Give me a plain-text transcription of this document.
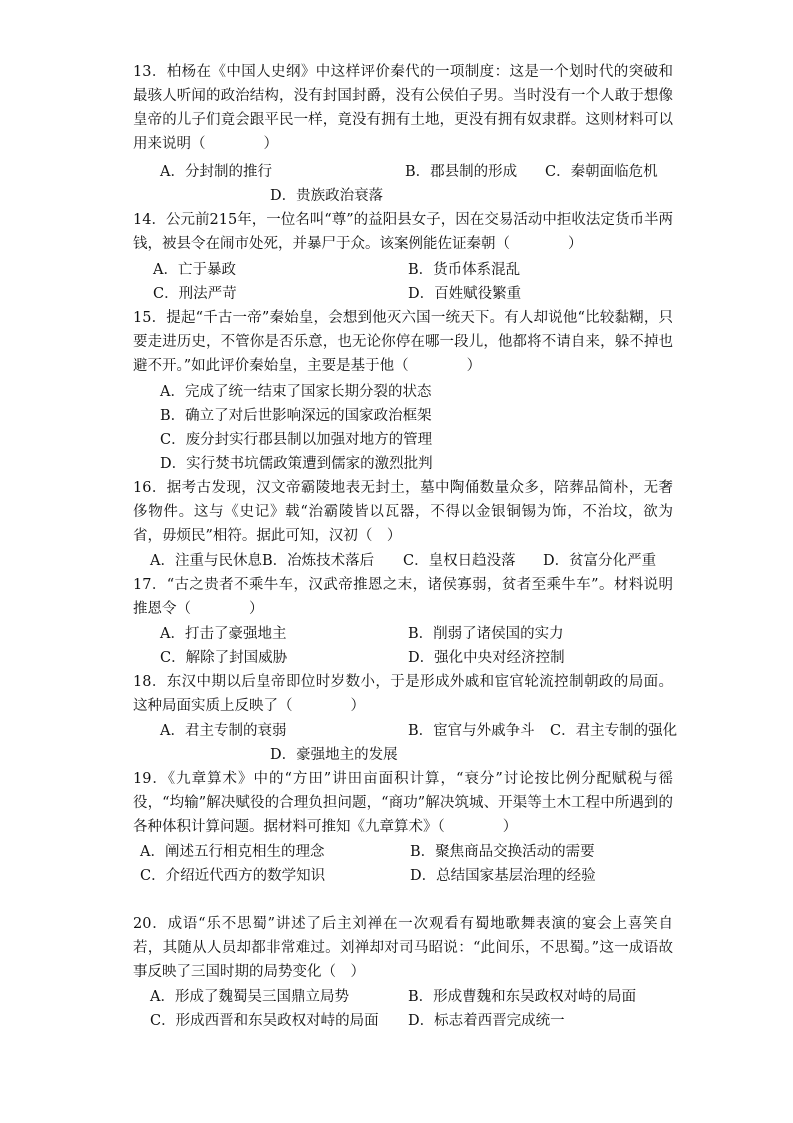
13．柏杨在《中国人史纲》中这样评价秦代的一项制度：这是一个划时代的突破和最骇人听闻的政治结构，没有封国封爵，没有公侯伯子男。当时没有一个人敢于想像皇帝的儿子们竟会跟平民一样，竟没有拥有土地，更没有拥有奴隶群。这则材料可以用来说明（　　　　）

A．分封制的推行	B．郡县制的形成 C．秦朝面临危机
D．贵族政治衰落

14．公元前215年，一位名叫“尊”的益阳县女子，因在交易活动中拒收法定货币半两钱，被县令在闹市处死，并暴尸于众。该案例能佐证秦朝（　　　　）

A．亡于暴政	B．货币体系混乱
C．刑法严苛	D．百姓赋役繁重

15．提起“千古一帝”秦始皇，会想到他灭六国一统天下。有人却说他“比较黏糊，只要走进历史，不管你是否乐意，也无论你停在哪一段儿，他都将不请自来，躲不掉也避不开。”如此评价秦始皇，主要是基于他（　　　　）

A．完成了统一结束了国家长期分裂的状态
B．确立了对后世影响深远的国家政治框架
C．废分封实行郡县制以加强对地方的管理
D．实行焚书坑儒政策遭到儒家的激烈批判

16．据考古发现，汉文帝霸陵地表无封土，墓中陶俑数量众多，陪葬品简朴，无奢侈物件。这与《史记》载“治霸陵皆以瓦器，不得以金银铜锡为饰，不治坟，欲为省，毋烦民”相符。据此可知，汉初（　）

A．注重与民休息 B．冶炼技术落后 C．皇权日趋没落 D．贫富分化严重

17．“古之贵者不乘牛车，汉武帝推恩之末，诸侯寡弱，贫者至乘牛车”。材料说明推恩令（　　　　）

A．打击了豪强地主	B．削弱了诸侯国的实力
C．解除了封国威胁	D．强化中央对经济控制

18．东汉中期以后皇帝即位时岁数小，于是形成外戚和宦官轮流控制朝政的局面。这种局面实质上反映了（　　　　）

A．君主专制的衰弱	B．宦官与外戚争斗 C．君主专制的强化
D．豪强地主的发展

19．《九章算术》中的“方田”讲田亩面积计算，“衰分”讨论按比例分配赋税与徭役，“均输”解决赋役的合理负担问题，“商功”解决筑城、开渠等土木工程中所遇到的各种体积计算问题。据材料可推知《九章算术》（　　　　）

A．阐述五行相克相生的理念	B．聚焦商品交换活动的需要
C．介绍近代西方的数学知识	D．总结国家基层治理的经验

20．成语“乐不思蜀”讲述了后主刘禅在一次观看有蜀地歌舞表演的宴会上喜笑自若，其随从人员却都非常难过。刘禅却对司马昭说：“此间乐，不思蜀。”这一成语故事反映了三国时期的局势变化（　）

A．形成了魏蜀吴三国鼎立局势	B．形成曹魏和东吴政权对峙的局面
C．形成西晋和东吴政权对峙的局面 D．标志着西晋完成统一
